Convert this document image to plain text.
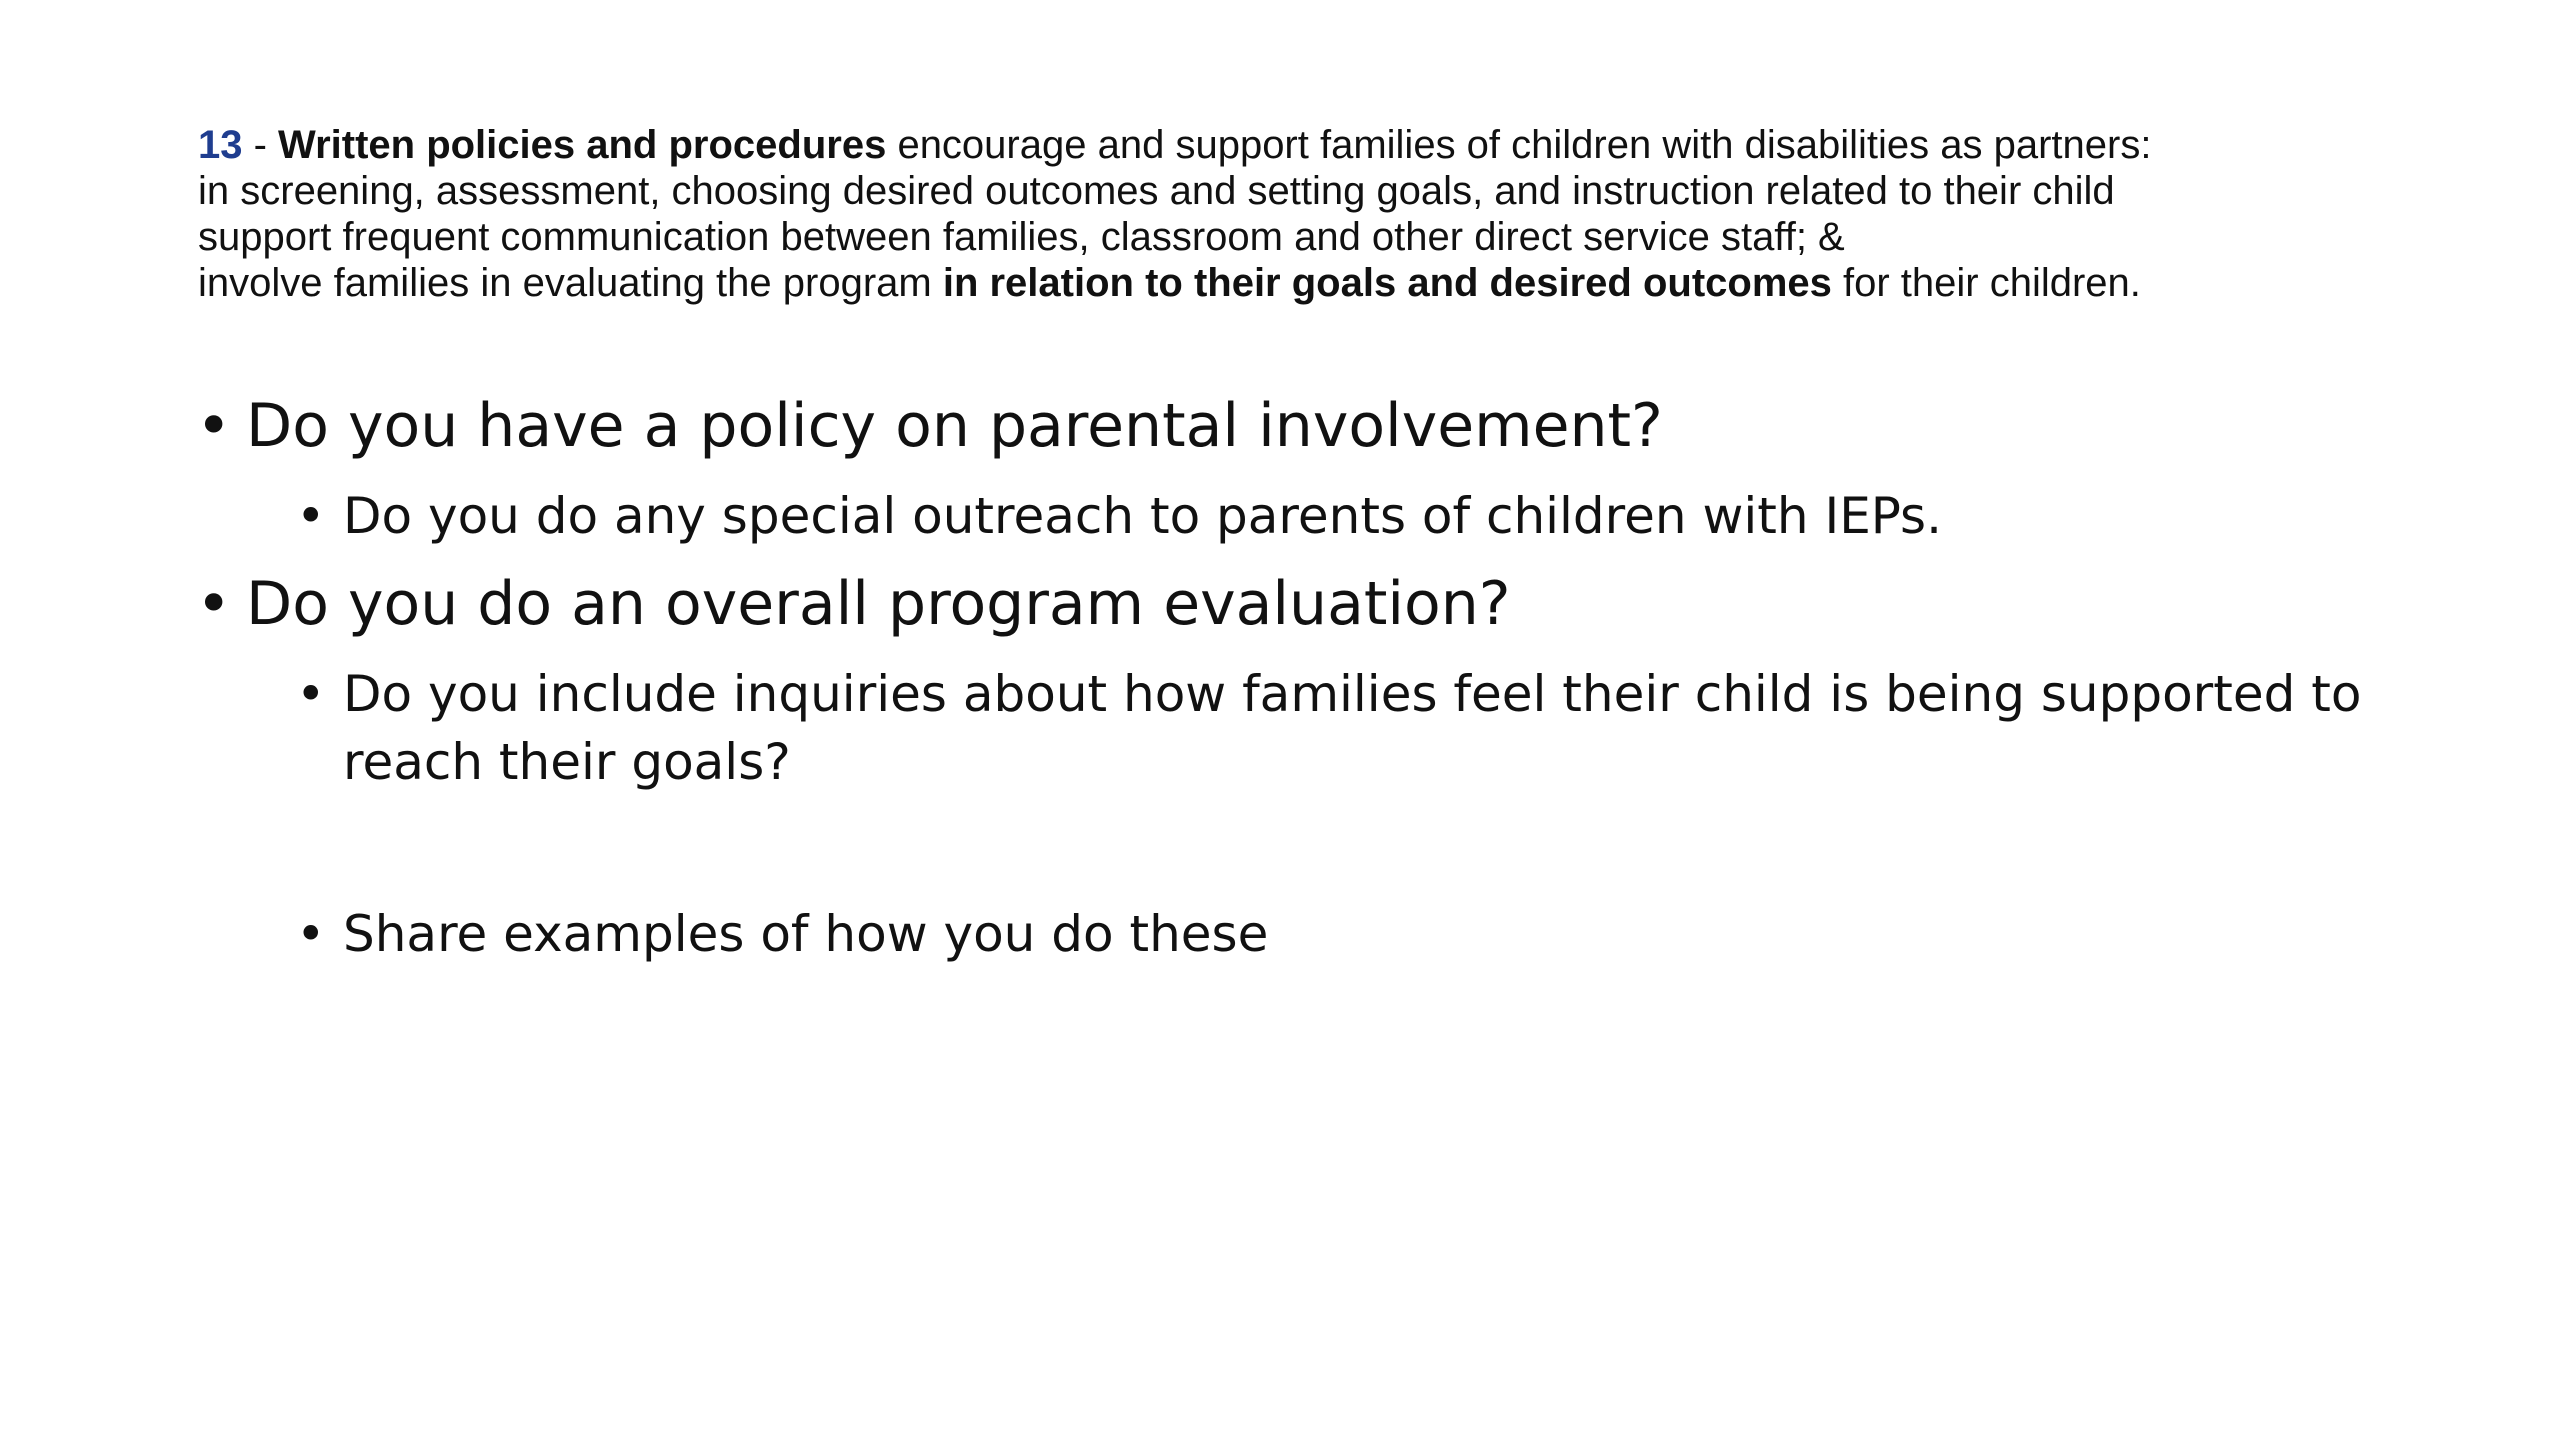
13 - Written policies and procedures encourage and support families of children with disabilities as partners:
in screening, assessment, choosing desired outcomes and setting goals, and instruction related to their child
support frequent communication between families, classroom and other direct service staff; &
involve families in evaluating the program in relation to their goals and desired outcomes for their children.
• Do you have a policy on parental involvement?
• Do you do any special outreach to parents of children with IEPs.
• Do you do an overall program evaluation?
• Do you include inquiries about how families feel their child is being supported to reach their goals?
• Share examples of how you do these
